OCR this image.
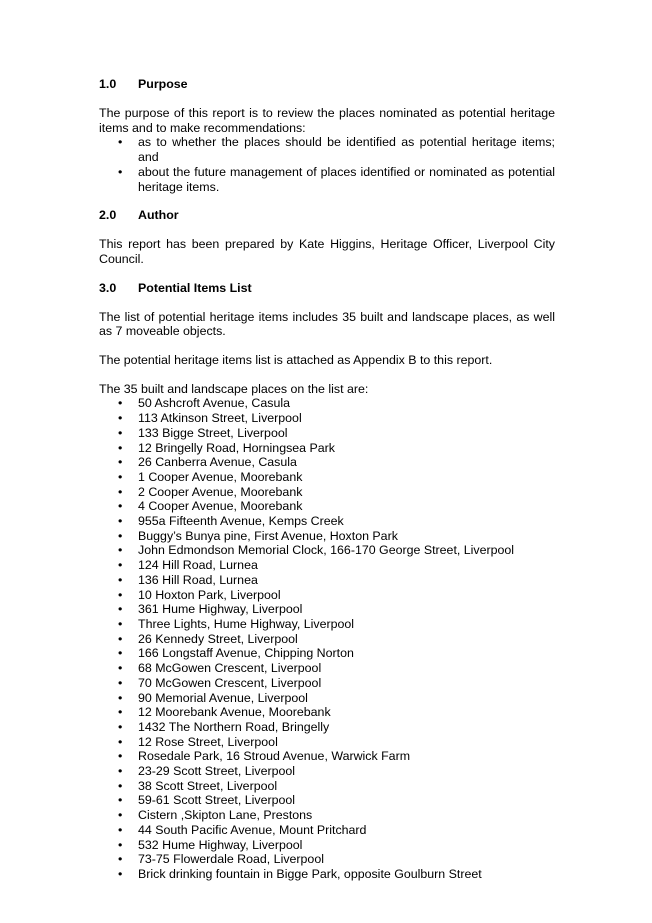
1.0 Purpose

The purpose of this report is to review the places nominated as potential heritage items and to make recommendations:

• as to whether the places should be identified as potential heritage items; and
• about the future management of places identified or nominated as potential heritage items.
2.0 Author

This report has been prepared by Kate Higgins, Heritage Officer, Liverpool City Council.

3.0 Potential Items List

The list of potential heritage items includes 35 built and landscape places, as well as 7 moveable objects.

The potential heritage items list is attached as Appendix B to this report.

The 35 built and landscape places on the list are:

• 50 Ashcroft Avenue, Casula
• 113 Atkinson Street, Liverpool
• 133 Bigge Street, Liverpool
• 12 Bringelly Road, Horningsea Park
• 26 Canberra Avenue, Casula
• 1 Cooper Avenue, Moorebank
• 2 Cooper Avenue, Moorebank
• 4 Cooper Avenue, Moorebank
• 955a Fifteenth Avenue, Kemps Creek
• Buggy’s Bunya pine, First Avenue, Hoxton Park
• John Edmondson Memorial Clock, 166-170 George Street, Liverpool
• 124 Hill Road, Lurnea
• 136 Hill Road, Lurnea
• 10 Hoxton Park, Liverpool
• 361 Hume Highway, Liverpool
• Three Lights, Hume Highway, Liverpool
• 26 Kennedy Street, Liverpool
• 166 Longstaff Avenue, Chipping Norton
• 68 McGowen Crescent, Liverpool
• 70 McGowen Crescent, Liverpool
• 90 Memorial Avenue, Liverpool
• 12 Moorebank Avenue, Moorebank
• 1432 The Northern Road, Bringelly
• 12 Rose Street, Liverpool
• Rosedale Park, 16 Stroud Avenue, Warwick Farm
• 23-29 Scott Street, Liverpool
• 38 Scott Street, Liverpool
• 59-61 Scott Street, Liverpool
• Cistern ,Skipton Lane, Prestons
• 44 South Pacific Avenue, Mount Pritchard
• 532 Hume Highway, Liverpool
• 73-75 Flowerdale Road, Liverpool
• Brick drinking fountain in Bigge Park, opposite Goulburn Street
